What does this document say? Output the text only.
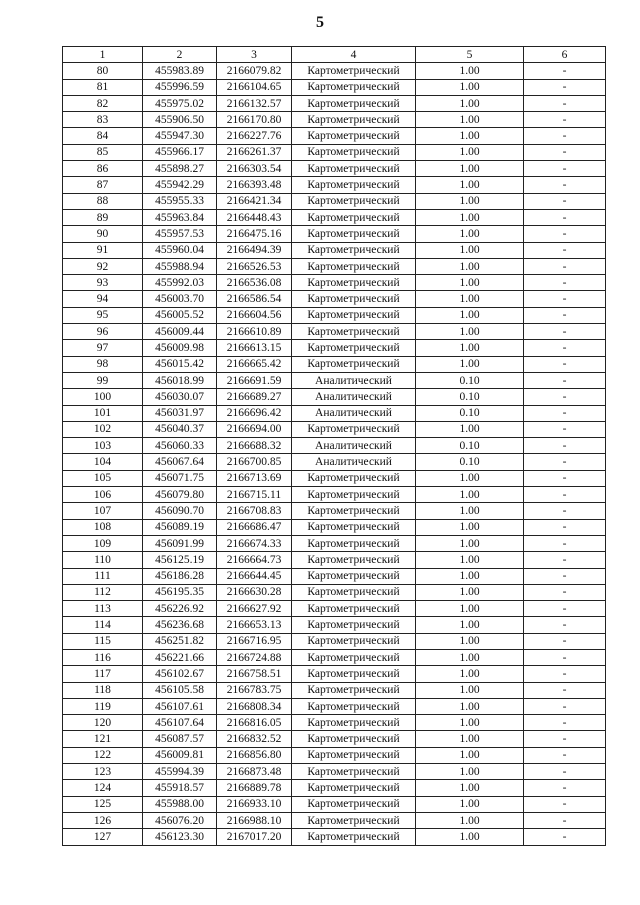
5
1	2	3	4	5	6
80	455983.89	2166079.82	Картометрический	1.00	-
81	455996.59	2166104.65	Картометрический	1.00	-
82	455975.02	2166132.57	Картометрический	1.00	-
83	455906.50	2166170.80	Картометрический	1.00	-
84	455947.30	2166227.76	Картометрический	1.00	-
85	455966.17	2166261.37	Картометрический	1.00	-
86	455898.27	2166303.54	Картометрический	1.00	-
87	455942.29	2166393.48	Картометрический	1.00	-
88	455955.33	2166421.34	Картометрический	1.00	-
89	455963.84	2166448.43	Картометрический	1.00	-
90	455957.53	2166475.16	Картометрический	1.00	-
91	455960.04	2166494.39	Картометрический	1.00	-
92	455988.94	2166526.53	Картометрический	1.00	-
93	455992.03	2166536.08	Картометрический	1.00	-
94	456003.70	2166586.54	Картометрический	1.00	-
95	456005.52	2166604.56	Картометрический	1.00	-
96	456009.44	2166610.89	Картометрический	1.00	-
97	456009.98	2166613.15	Картометрический	1.00	-
98	456015.42	2166665.42	Картометрический	1.00	-
99	456018.99	2166691.59	Аналитический	0.10	-
100	456030.07	2166689.27	Аналитический	0.10	-
101	456031.97	2166696.42	Аналитический	0.10	-
102	456040.37	2166694.00	Картометрический	1.00	-
103	456060.33	2166688.32	Аналитический	0.10	-
104	456067.64	2166700.85	Аналитический	0.10	-
105	456071.75	2166713.69	Картометрический	1.00	-
106	456079.80	2166715.11	Картометрический	1.00	-
107	456090.70	2166708.83	Картометрический	1.00	-
108	456089.19	2166686.47	Картометрический	1.00	-
109	456091.99	2166674.33	Картометрический	1.00	-
110	456125.19	2166664.73	Картометрический	1.00	-
111	456186.28	2166644.45	Картометрический	1.00	-
112	456195.35	2166630.28	Картометрический	1.00	-
113	456226.92	2166627.92	Картометрический	1.00	-
114	456236.68	2166653.13	Картометрический	1.00	-
115	456251.82	2166716.95	Картометрический	1.00	-
116	456221.66	2166724.88	Картометрический	1.00	-
117	456102.67	2166758.51	Картометрический	1.00	-
118	456105.58	2166783.75	Картометрический	1.00	-
119	456107.61	2166808.34	Картометрический	1.00	-
120	456107.64	2166816.05	Картометрический	1.00	-
121	456087.57	2166832.52	Картометрический	1.00	-
122	456009.81	2166856.80	Картометрический	1.00	-
123	455994.39	2166873.48	Картометрический	1.00	-
124	455918.57	2166889.78	Картометрический	1.00	-
125	455988.00	2166933.10	Картометрический	1.00	-
126	456076.20	2166988.10	Картометрический	1.00	-
127	456123.30	2167017.20	Картометрический	1.00	-
